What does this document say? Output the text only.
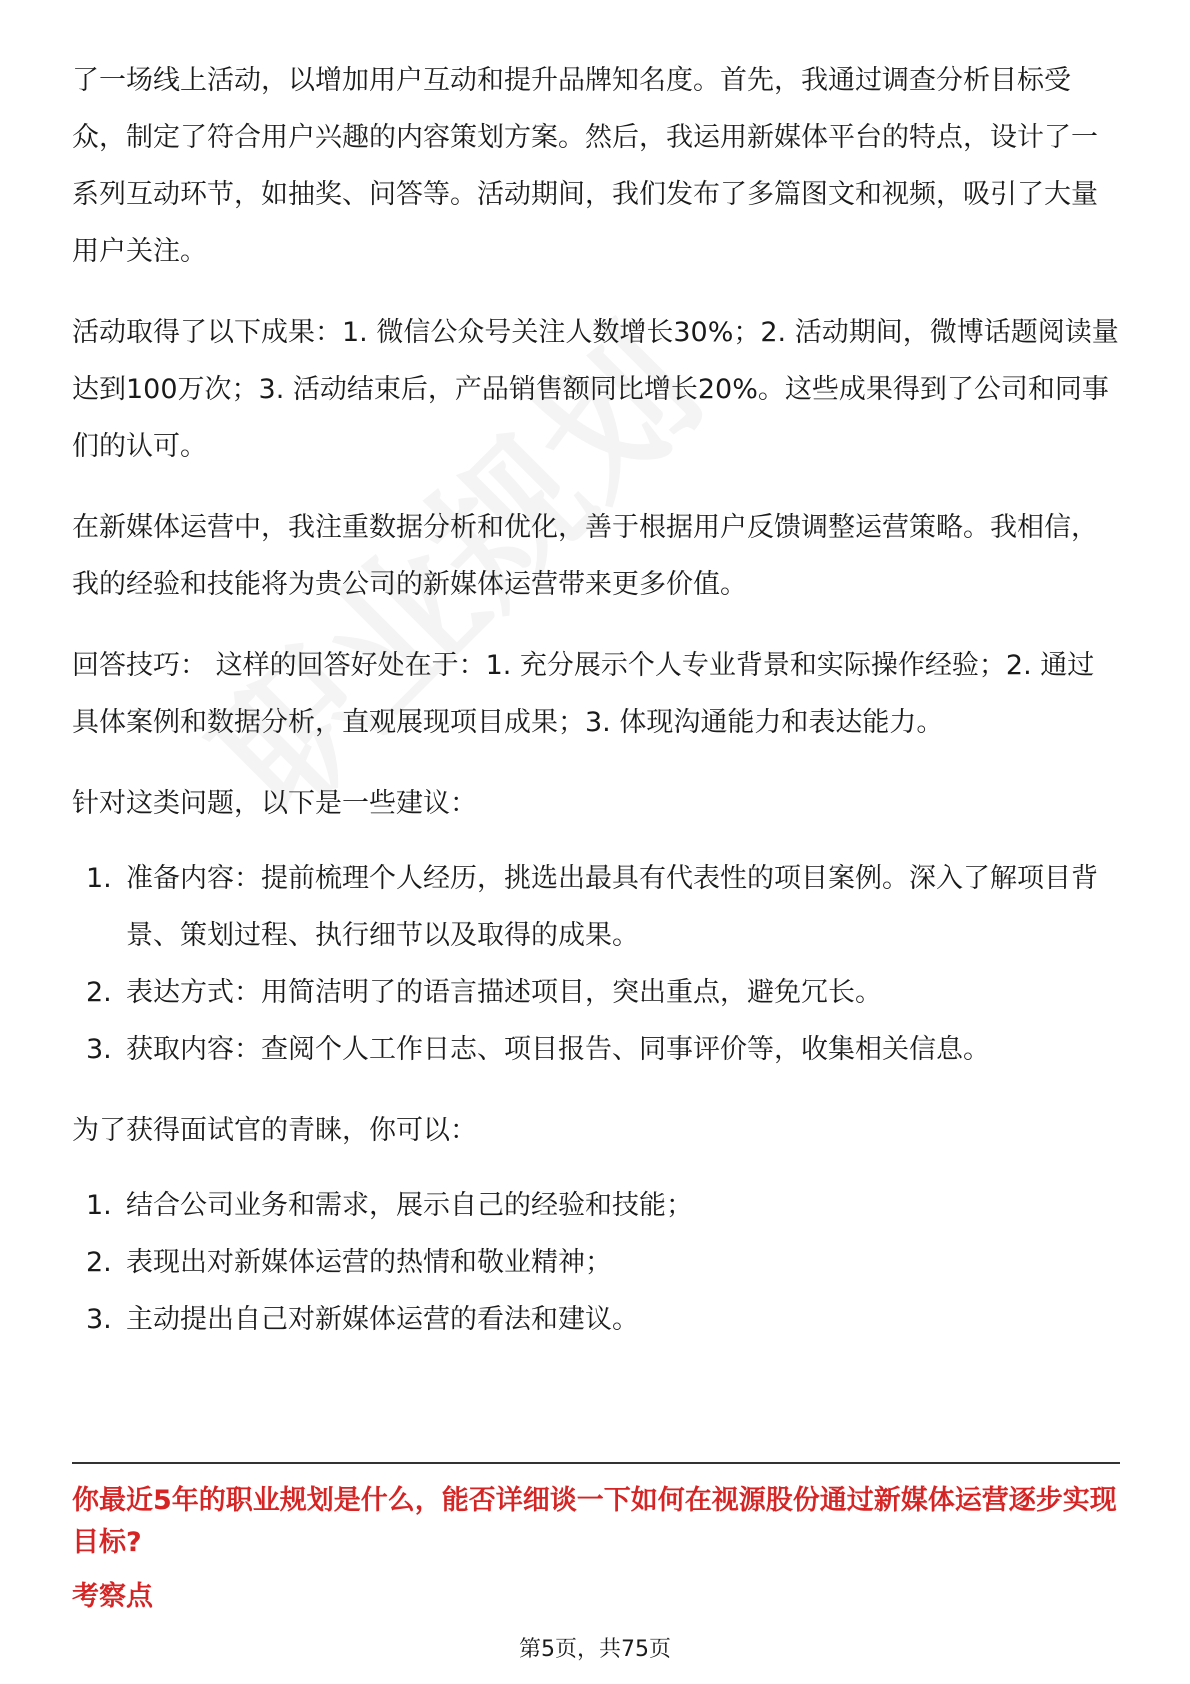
了一场线上活动，以增加用户互动和提升品牌知名度。首先，我通过调查分析目标受众，制定了符合用户兴趣的内容策划方案。然后，我运用新媒体平台的特点，设计了一系列互动环节，如抽奖、问答等。活动期间，我们发布了多篇图文和视频，吸引了大量用户关注。

活动取得了以下成果：1. 微信公众号关注人数增长30%；2. 活动期间，微博话题阅读量达到100万次；3. 活动结束后，产品销售额同比增长20%。这些成果得到了公司和同事们的认可。

在新媒体运营中，我注重数据分析和优化，善于根据用户反馈调整运营策略。我相信，我的经验和技能将为贵公司的新媒体运营带来更多价值。

回答技巧： 这样的回答好处在于：1. 充分展示个人专业背景和实际操作经验；2. 通过具体案例和数据分析，直观展现项目成果；3. 体现沟通能力和表达能力。

针对这类问题，以下是一些建议：

1. 准备内容：提前梳理个人经历，挑选出最具有代表性的项目案例。深入了解项目背景、策划过程、执行细节以及取得的成果。
2. 表达方式：用简洁明了的语言描述项目，突出重点，避免冗长。
3. 获取内容：查阅个人工作日志、项目报告、同事评价等，收集相关信息。

为了获得面试官的青睐，你可以：

1. 结合公司业务和需求，展示自己的经验和技能；
2. 表现出对新媒体运营的热情和敬业精神；
3. 主动提出自己对新媒体运营的看法和建议。
你最近5年的职业规划是什么，能否详细谈一下如何在视源股份通过新媒体运营逐步实现目标?
考察点
第5页，共75页
